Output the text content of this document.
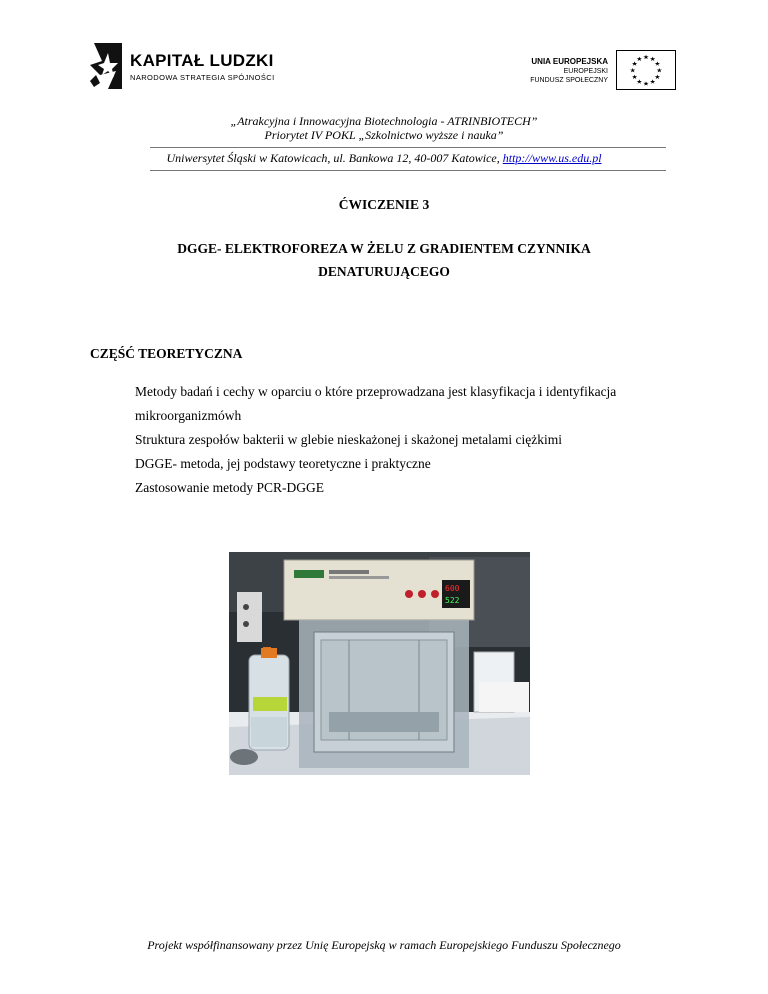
KAPITAŁ LUDZKI
NARODOWA STRATEGIA SPÓJNOŚCI
UNIA EUROPEJSKA
EUROPEJSKI
FUNDUSZ SPOŁECZNY
„Atrakcyjna i Innowacyjna Biotechnologia - ATRINBIOTECH”
Priorytet IV POKL „Szkolnictwo wyższe i nauka”
Uniwersytet Śląski w Katowicach, ul. Bankowa 12, 40-007 Katowice, http://www.us.edu.pl
ĆWICZENIE 3
DGGE- ELEKTROFOREZA W ŻELU Z GRADIENTEM CZYNNIKA
DENATURUJĄCEGO
CZĘŚĆ TEORETYCZNA
Metody badań i cechy w oparciu o które przeprowadzana jest klasyfikacja i identyfikacja
mikroorganizmówh
Struktura zespołów bakterii w glebie nieskażonej i skażonej metalami ciężkimi
DGGE- metoda, jej podstawy teoretyczne i praktyczne
Zastosowanie metody PCR-DGGE
600
522
Projekt współfinansowany przez Unię Europejską w ramach Europejskiego Funduszu Społecznego
